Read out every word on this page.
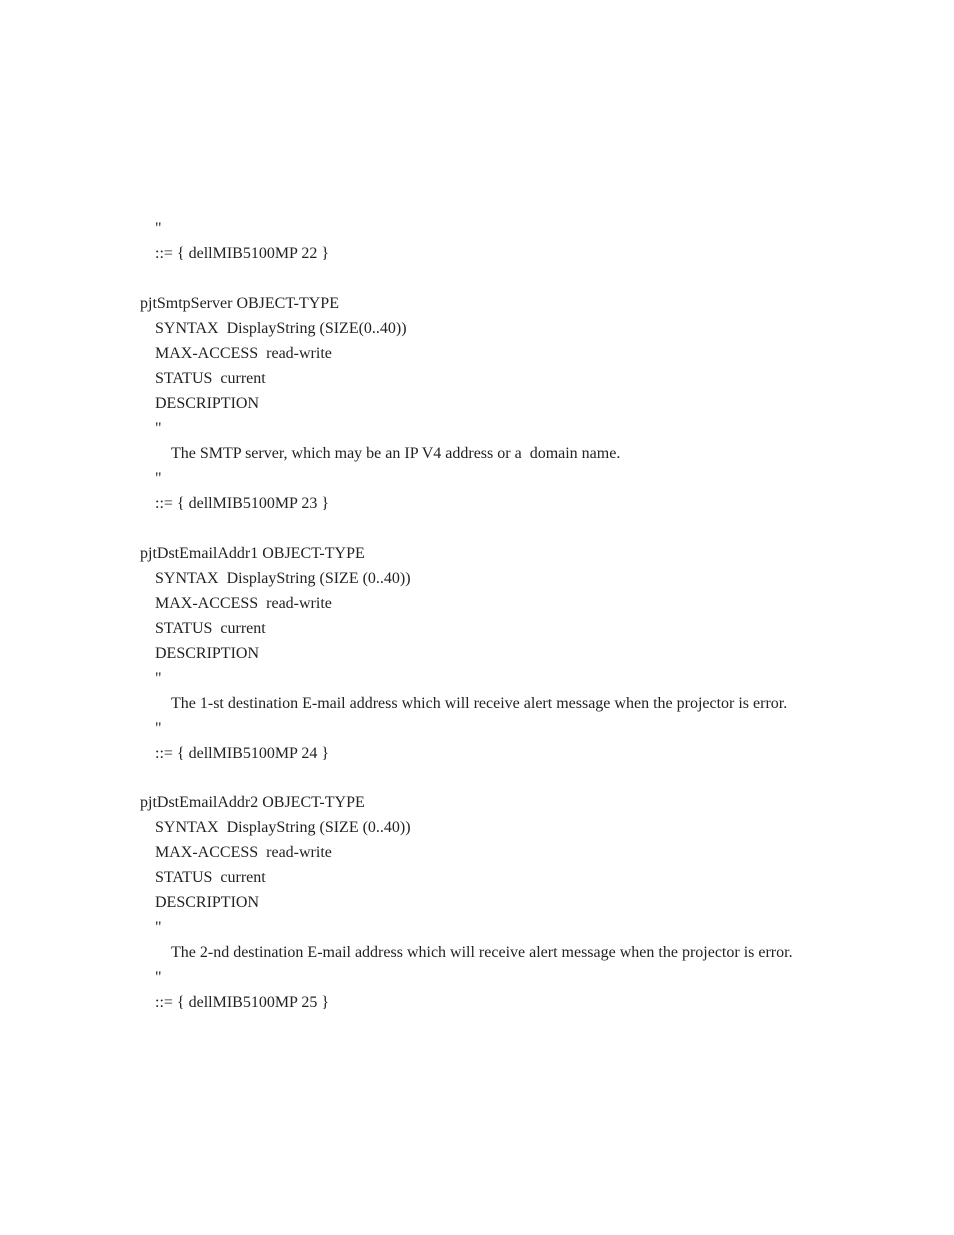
"
::= { dellMIB5100MP 22 }
pjtSmtpServer OBJECT-TYPE
SYNTAX  DisplayString (SIZE(0..40))
MAX-ACCESS  read-write
STATUS  current
DESCRIPTION
"
The SMTP server, which may be an IP V4 address or a  domain name.
"
::= { dellMIB5100MP 23 }
pjtDstEmailAddr1 OBJECT-TYPE
SYNTAX  DisplayString (SIZE (0..40))
MAX-ACCESS  read-write
STATUS  current
DESCRIPTION
"
The 1-st destination E-mail address which will receive alert message when the projector is error.
"
::= { dellMIB5100MP 24 }
pjtDstEmailAddr2 OBJECT-TYPE
SYNTAX  DisplayString (SIZE (0..40))
MAX-ACCESS  read-write
STATUS  current
DESCRIPTION
"
The 2-nd destination E-mail address which will receive alert message when the projector is error.
"
::= { dellMIB5100MP 25 }
